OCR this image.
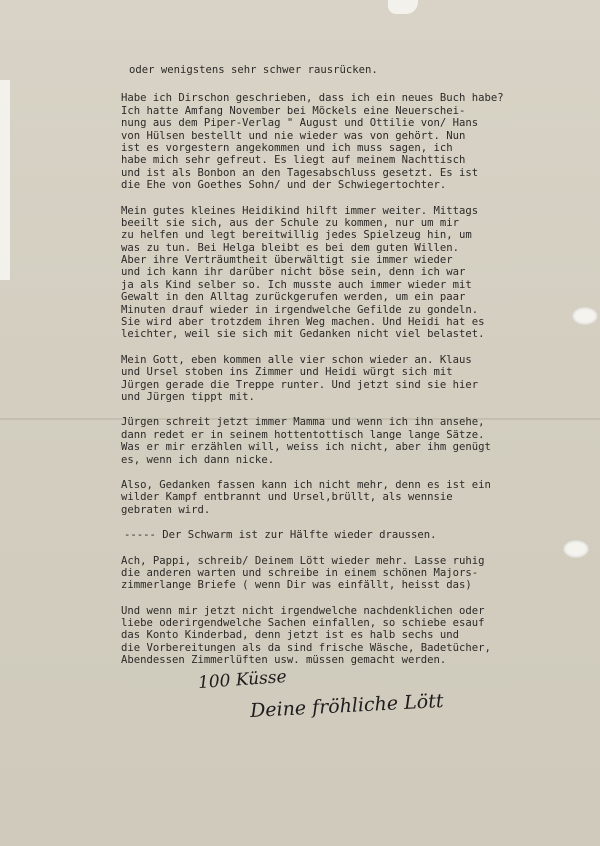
oder wenigstens sehr schwer rausrücken.
Habe ich Dirschon geschrieben, dass ich ein neues Buch habe?
Ich hatte Amfang November bei Möckels eine Neuerschei-
nung aus dem Piper-Verlag " August und Ottilie von/ Hans
von Hülsen bestellt und nie wieder was von gehört. Nun
ist es vorgestern angekommen und ich muss sagen, ich
habe mich sehr gefreut. Es liegt auf meinem Nachttisch
und ist als Bonbon an den Tagesabschluss gesetzt. Es ist
die Ehe von Goethes Sohn/ und der Schwiegertochter.
Mein gutes kleines Heidikind hilft immer weiter. Mittags
beeilt sie sich, aus der Schule zu kommen, nur um mir
zu helfen und legt bereitwillig jedes Spielzeug hin, um
was zu tun. Bei Helga bleibt es bei dem guten Willen.
Aber ihre Verträumtheit überwältigt sie immer wieder
und ich kann ihr darüber nicht böse sein, denn ich war
ja als Kind selber so. Ich musste auch immer wieder mit
Gewalt in den Alltag zurückgerufen werden, um ein paar
Minuten drauf wieder in irgendwelche Gefilde zu gondeln.
Sie wird aber trotzdem ihren Weg machen. Und Heidi hat es
leichter, weil sie sich mit Gedanken nicht viel belastet.
Mein Gott, eben kommen alle vier schon wieder an. Klaus
und Ursel stoben ins Zimmer und Heidi würgt sich mit
Jürgen gerade die Treppe runter. Und jetzt sind sie hier
und Jürgen tippt mit.
Jürgen schreit jetzt immer Mamma und wenn ich ihn ansehe,
dann redet er in seinem hottentottisch lange lange Sätze.
Was er mir erzählen will, weiss ich nicht, aber ihm genügt
es, wenn ich dann nicke.
Also, Gedanken fassen kann ich nicht mehr, denn es ist ein
wilder Kampf entbrannt und Ursel,brüllt, als wennsie
gebraten wird.
----- Der Schwarm ist zur Hälfte wieder draussen.
Ach, Pappi, schreib/ Deinem Lött wieder mehr. Lasse ruhig
die anderen warten und schreibe in einem schönen Majors-
zimmerlange Briefe ( wenn Dir was einfällt, heisst das)
Und wenn mir jetzt nicht irgendwelche nachdenklichen oder
liebe oderirgendwelche Sachen einfallen, so schiebe esauf
das Konto Kinderbad, denn jetzt ist es halb sechs und
die Vorbereitungen als da sind frische Wäsche, Badetücher,
Abendessen Zimmerlüften usw. müssen gemacht werden.
100 Küsse
Deine fröhliche Lött
